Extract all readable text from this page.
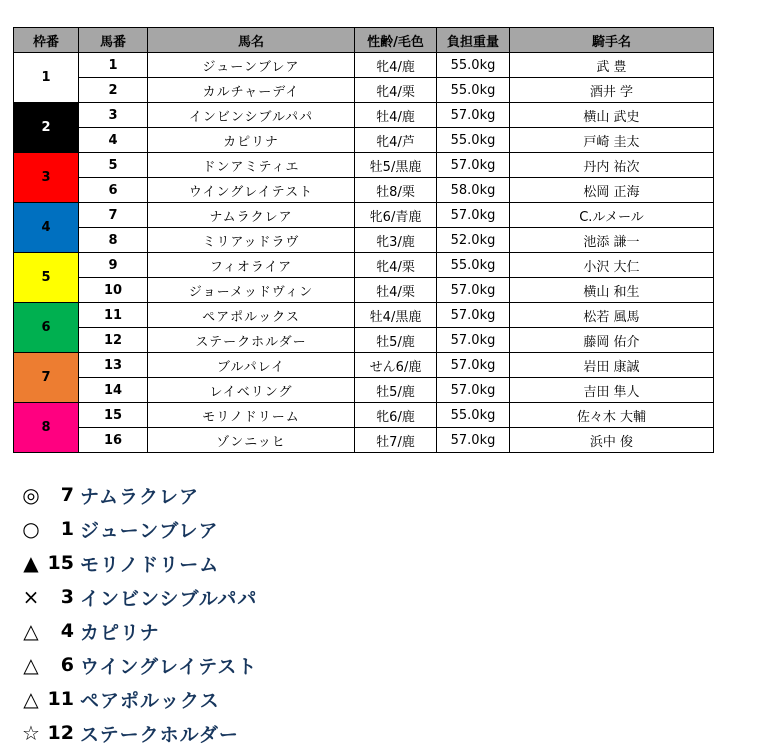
枠番	馬番	馬名	性齢/毛色	負担重量	騎手名
1	1	ジューンブレア	牝4/鹿	55.0kg	武 豊
	2	カルチャーデイ	牝4/栗	55.0kg	酒井 学
2	3	インビンシブルパパ	牡4/鹿	57.0kg	横山 武史
	4	カピリナ	牝4/芦	55.0kg	戸崎 圭太
3	5	ドンアミティエ	牡5/黒鹿	57.0kg	丹内 祐次
	6	ウイングレイテスト	牡8/栗	58.0kg	松岡 正海
4	7	ナムラクレア	牝6/青鹿	57.0kg	C.ルメール
	8	ミリアッドラヴ	牝3/鹿	52.0kg	池添 謙一
5	9	フィオライア	牝4/栗	55.0kg	小沢 大仁
	10	ジョーメッドヴィン	牡4/栗	57.0kg	横山 和生
6	11	ペアポルックス	牡4/黒鹿	57.0kg	松若 風馬
	12	ステークホルダー	牡5/鹿	57.0kg	藤岡 佑介
7	13	ブルパレイ	せん6/鹿	57.0kg	岩田 康誠
	14	レイベリング	牡5/鹿	57.0kg	吉田 隼人
8	15	モリノドリーム	牝6/鹿	55.0kg	佐々木 大輔
	16	ゾンニッヒ	牡7/鹿	57.0kg	浜中 俊
◎	7 ナムラクレア
○	1 ジューンブレア
▲ 15 モリノドリーム
×	3 インビンシブルパパ
△	4 カピリナ
△	6 ウイングレイテスト
△ 11 ペアポルックス
☆ 12 ステークホルダー
